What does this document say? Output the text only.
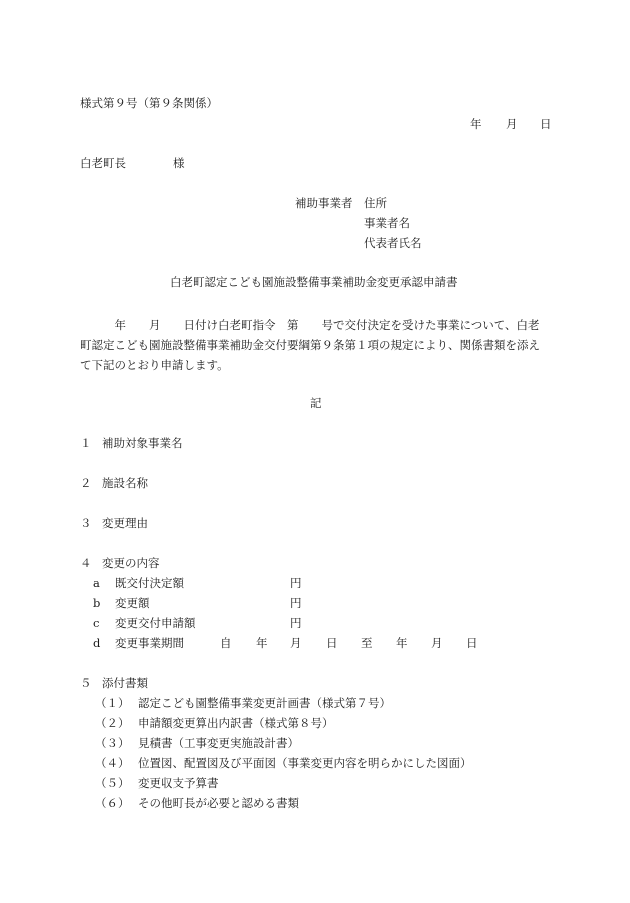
様式第９号（第９条関係）
年 月 日
白老町長	様
補助事業者 住所
事業者名
代表者氏名
白老町認定こども園施設整備事業補助金変更承認申請書
　　　年　　月　　日付け白老町指令　第　　号で交付決定を受けた事業について、白老町認定こども園施設整備事業補助金交付要綱第９条第１項の規定により、関係書類を添えて下記のとおり申請します。
記
１ 補助対象事業名
２ 施設名称
３ 変更理由
４ 変更の内容
a 既交付決定額	円
b 変更額	円
c 変更交付申請額	円
d 変更事業期間	自 年 月 日 至 年 月 日
５ 添付書類
（１） 認定こども園整備事業変更計画書（様式第７号）
（２） 申請額変更算出内訳書（様式第８号）
（３） 見積書（工事変更実施設計書）
（４） 位置図、配置図及び平面図（事業変更内容を明らかにした図面）
（５） 変更収支予算書
（６） その他町長が必要と認める書類
